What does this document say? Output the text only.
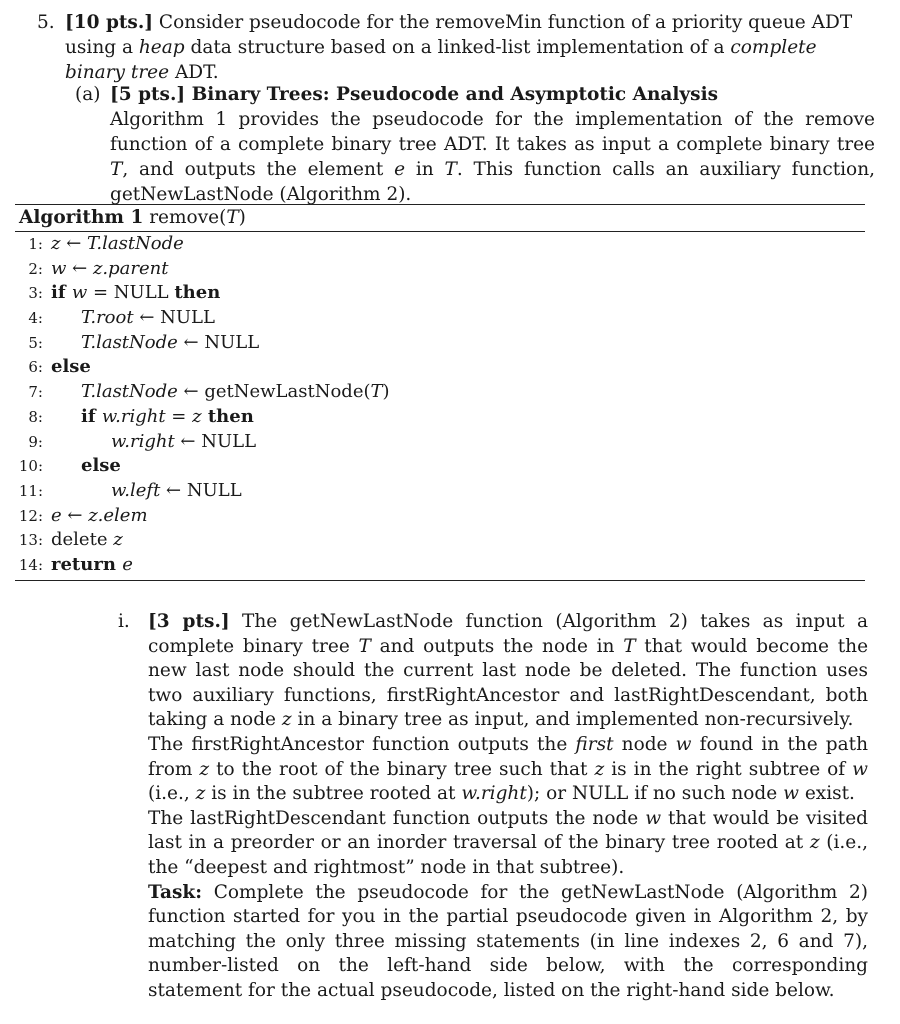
5. [10 pts.] Consider pseudocode for the removeMin function of a priority queue ADT using a heap data structure based on a linked-list implementation of a complete binary tree ADT.
(a) [5 pts.] Binary Trees: Pseudocode and Asymptotic Analysis
Algorithm 1 provides the pseudocode for the implementation of the remove function of a complete binary tree ADT. It takes as input a complete binary tree T, and outputs the element e in T. This function calls an auxiliary function, getNewLastNode (Algorithm 2).
Algorithm 1 remove(T)
1: z ← T.lastNode
2: w ← z.parent
3: if w = NULL then
4: T.root ← NULL
5: T.lastNode ← NULL
6: else
7: T.lastNode ← getNewLastNode(T)
8: if w.right = z then
9:	w.right ← NULL
10: else
11:	w.left ← NULL
12: e ← z.elem
13: delete z
14: return e
i. [3 pts.] The getNewLastNode function (Algorithm 2) takes as input a complete binary tree T and outputs the node in T that would become the new last node should the current last node be deleted. The function uses two auxiliary functions, firstRightAncestor and lastRightDescendant, both taking a node z in a binary tree as input, and implemented non-recursively.

The firstRightAncestor function outputs the first node w found in the path from z to the root of the binary tree such that z is in the right subtree of w (i.e., z is in the subtree rooted at w.right); or NULL if no such node w exist.

The lastRightDescendant function outputs the node w that would be visited last in a preorder or an inorder traversal of the binary tree rooted at z (i.e., the “deepest and rightmost” node in that subtree).

Task: Complete the pseudocode for the getNewLastNode (Algorithm 2) function started for you in the partial pseudocode given in Algorithm 2, by matching the only three missing statements (in line indexes 2, 6 and 7), number-listed on the left-hand side below, with the corresponding statement for the actual pseudocode, listed on the right-hand side below.
